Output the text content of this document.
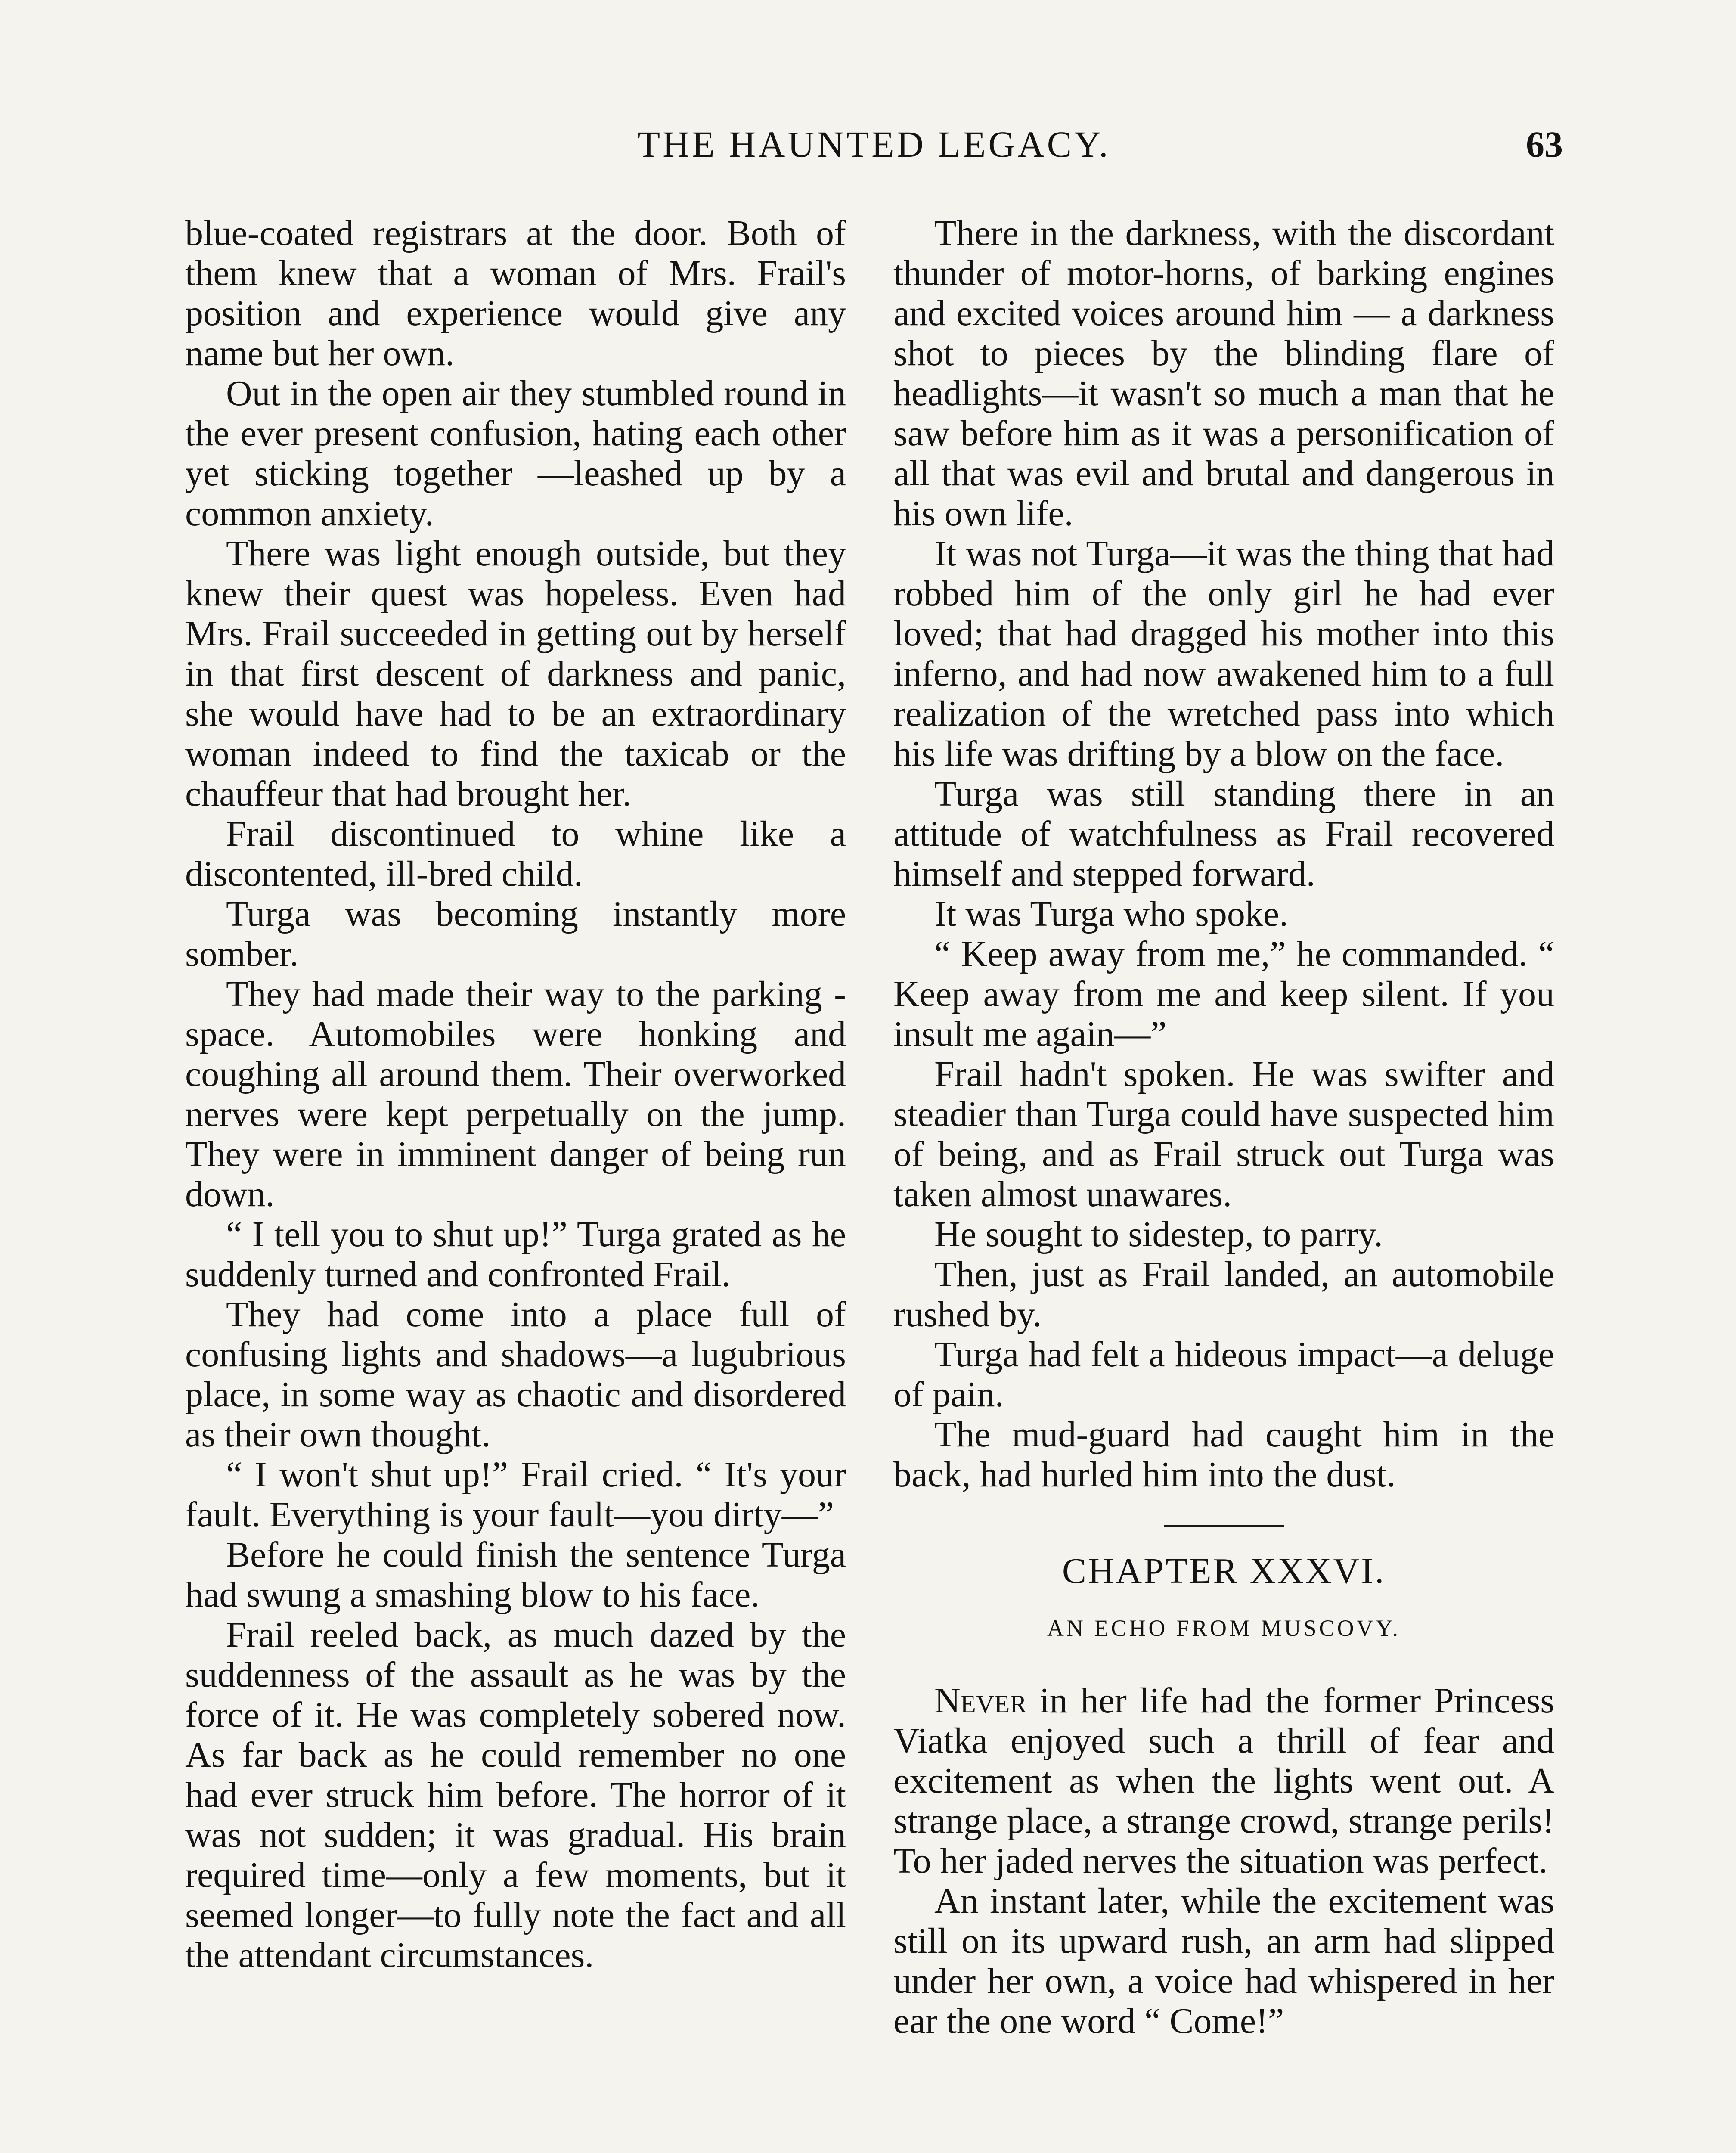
THE HAUNTED LEGACY.	63

blue-coated registrars at the door. Both of them knew that a woman of Mrs. Frail's position and experience would give any name but her own.

Out in the open air they stumbled round in the ever present confusion, hating each other yet sticking together —leashed up by a common anxiety.

There was light enough outside, but they knew their quest was hopeless. Even had Mrs. Frail succeeded in getting out by herself in that first descent of darkness and panic, she would have had to be an extraordinary woman indeed to find the taxicab or the chauffeur that had brought her.

Frail discontinued to whine like a discontented, ill-bred child.

Turga was becoming instantly more somber.

They had made their way to the parking - space. Automobiles were honking and coughing all around them. Their overworked nerves were kept perpetually on the jump. They were in imminent danger of being run down.

“ I tell you to shut up!” Turga grated as he suddenly turned and confronted Frail.

They had come into a place full of confusing lights and shadows—a lugubrious place, in some way as chaotic and disordered as their own thought.

“ I won't shut up!” Frail cried. “ It's your fault. Everything is your fault—you dirty—”

Before he could finish the sentence Turga had swung a smashing blow to his face.

Frail reeled back, as much dazed by the suddenness of the assault as he was by the force of it. He was completely sobered now. As far back as he could remember no one had ever struck him before. The horror of it was not sudden; it was gradual. His brain required time—only a few moments, but it seemed longer—to fully note the fact and all the attendant circumstances.

There in the darkness, with the discordant thunder of motor-horns, of barking engines and excited voices around him — a darkness shot to pieces by the blinding flare of headlights—it wasn't so much a man that he saw before him as it was a personification of all that was evil and brutal and dangerous in his own life.

It was not Turga—it was the thing that had robbed him of the only girl he had ever loved; that had dragged his mother into this inferno, and had now awakened him to a full realization of the wretched pass into which his life was drifting by a blow on the face.

Turga was still standing there in an attitude of watchfulness as Frail recovered himself and stepped forward.

It was Turga who spoke.

“ Keep away from me,” he commanded. “ Keep away from me and keep silent. If you insult me again—”

Frail hadn't spoken. He was swifter and steadier than Turga could have suspected him of being, and as Frail struck out Turga was taken almost unawares.

He sought to sidestep, to parry.

Then, just as Frail landed, an automobile rushed by.

Turga had felt a hideous impact—a deluge of pain.

The mud-guard had caught him in the back, had hurled him into the dust.

CHAPTER XXXVI.
AN ECHO FROM MUSCOVY.

Never in her life had the former Princess Viatka enjoyed such a thrill of fear and excitement as when the lights went out. A strange place, a strange crowd, strange perils! To her jaded nerves the situation was perfect.

An instant later, while the excitement was still on its upward rush, an arm had slipped under her own, a voice had whispered in her ear the one word “ Come!”
